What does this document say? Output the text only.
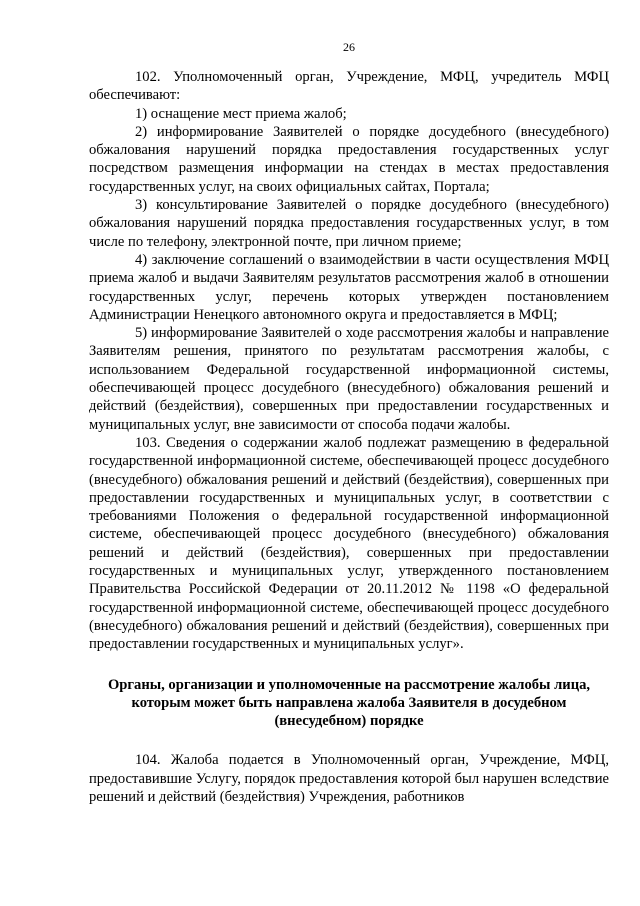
26

102. Уполномоченный орган, Учреждение, МФЦ, учредитель МФЦ обеспечивают:

1) оснащение мест приема жалоб;

2) информирование Заявителей о порядке досудебного (внесудебного) обжалования нарушений порядка предоставления государственных услуг посредством размещения информации на стендах в местах предоставления государственных услуг, на своих официальных сайтах, Портала;

3) консультирование Заявителей о порядке досудебного (внесудебного) обжалования нарушений порядка предоставления государственных услуг, в том числе по телефону, электронной почте, при личном приеме;

4) заключение соглашений о взаимодействии в части осуществления МФЦ приема жалоб и выдачи Заявителям результатов рассмотрения жалоб в отношении государственных услуг, перечень которых утвержден постановлением Администрации Ненецкого автономного округа и предоставляется в МФЦ;

5) информирование Заявителей о ходе рассмотрения жалобы и направление Заявителям решения, принятого по результатам рассмотрения жалобы, с использованием Федеральной государственной информационной системы, обеспечивающей процесс досудебного (внесудебного) обжалования решений и действий (бездействия), совершенных при предоставлении государственных и муниципальных услуг, вне зависимости от способа подачи жалобы.

103. Сведения о содержании жалоб подлежат размещению в федеральной государственной информационной системе, обеспечивающей процесс досудебного (внесудебного) обжалования решений и действий (бездействия), совершенных при предоставлении государственных и муниципальных услуг, в соответствии с требованиями Положения о федеральной государственной информационной системе, обеспечивающей процесс досудебного (внесудебного) обжалования решений и действий (бездействия), совершенных при предоставлении государственных и муниципальных услуг, утвержденного постановлением Правительства Российской Федерации от 20.11.2012 № 1198 «О федеральной государственной информационной системе, обеспечивающей процесс досудебного (внесудебного) обжалования решений и действий (бездействия), совершенных при предоставлении государственных и муниципальных услуг».

Органы, организации и уполномоченные на рассмотрение жалобы лица,
которым может быть направлена жалоба Заявителя в досудебном
(внесудебном) порядке

104. Жалоба подается в Уполномоченный орган, Учреждение, МФЦ, предоставившие Услугу, порядок предоставления которой был нарушен вследствие решений и действий (бездействия) Учреждения, работников
